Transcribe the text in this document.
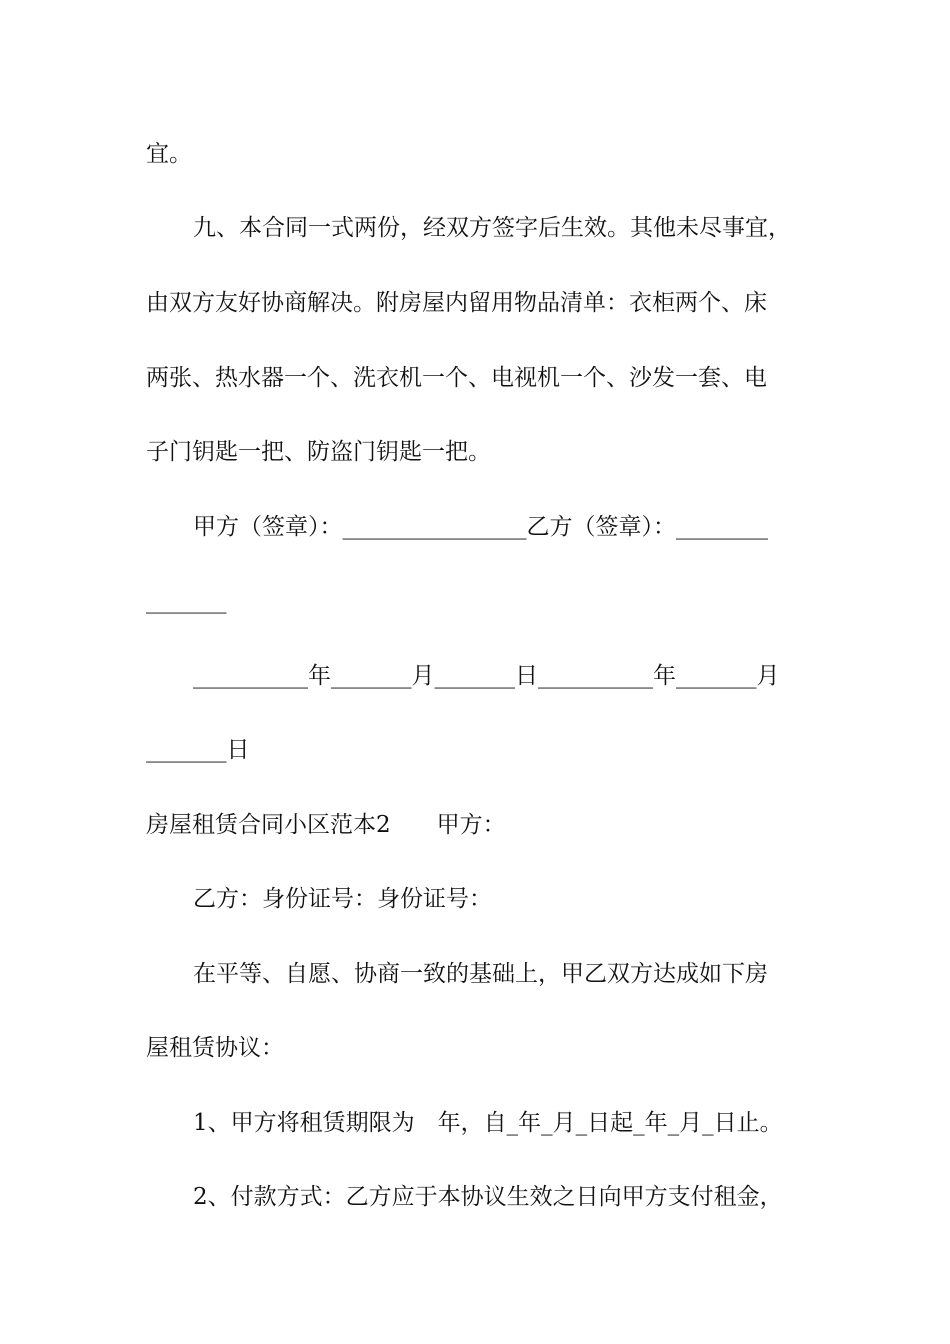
宜。

九、本合同一式两份，经双方签字后生效。其他未尽事宜，

由双方友好协商解决。附房屋内留用物品清单：衣柜两个、床

两张、热水器一个、洗衣机一个、电视机一个、沙发一套、电

子门钥匙一把、防盗门钥匙一把。

甲方（签章）：________________乙方（签章）：________

_______

__________年_______月_______日__________年_______月

_______日

房屋租赁合同小区范本2　　甲方：

乙方：身份证号：身份证号：

在平等、自愿、协商一致的基础上，甲乙双方达成如下房

屋租赁协议：

1、甲方将租赁期限为　年，自_年_月_日起_年_月_日止。

2、付款方式：乙方应于本协议生效之日向甲方支付租金，
